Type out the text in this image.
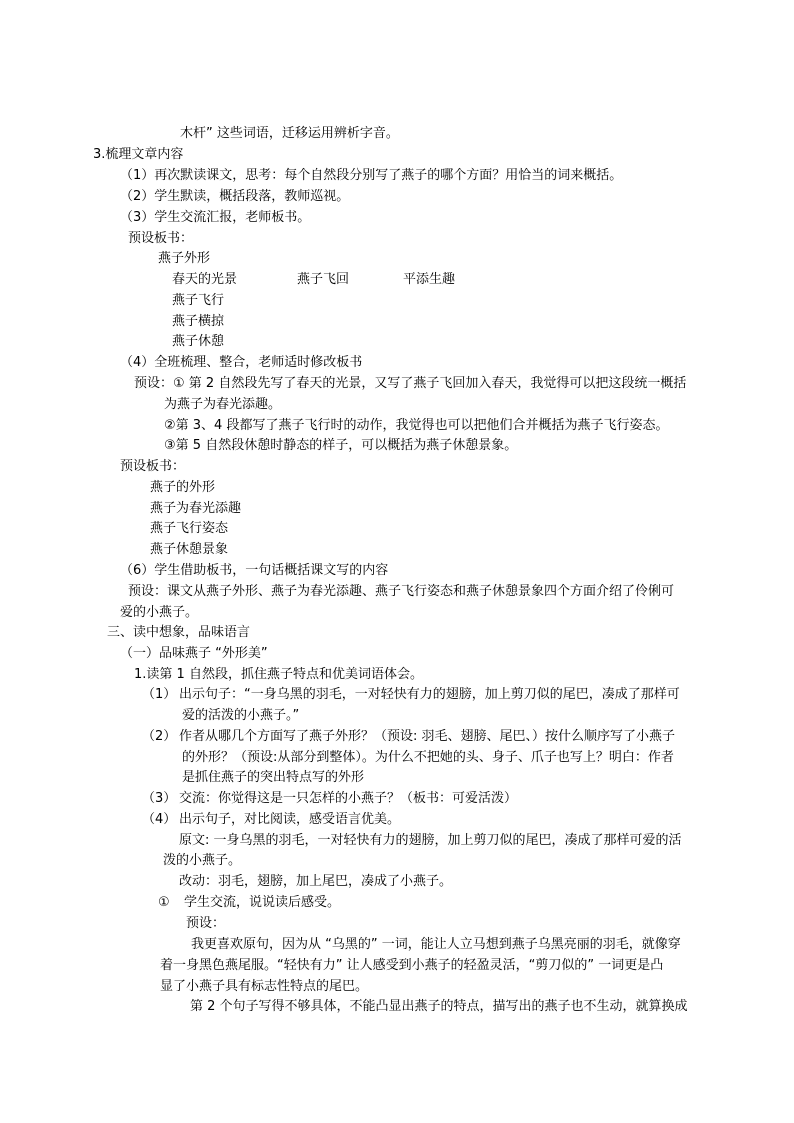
木杆” 这些词语，迁移运用辨析字音。
3.梳理文章内容
（1）再次默读课文，思考：每个自然段分别写了燕子的哪个方面？用恰当的词来概括。
（2）学生默读，概括段落，教师巡视。
（3）学生交流汇报，老师板书。
预设板书：
燕子外形
春天的光景	燕子飞回	平添生趣
燕子飞行
燕子横掠
燕子休憩
（4）全班梳理、整合，老师适时修改板书
预设：① 第 2 自然段先写了春天的光景，又写了燕子飞回加入春天，我觉得可以把这段统一概括
为燕子为春光添趣。
②第 3、4 段都写了燕子飞行时的动作，我觉得也可以把他们合并概括为燕子飞行姿态。
③第 5 自然段休憩时静态的样子，可以概括为燕子休憩景象。
预设板书：
燕子的外形
燕子为春光添趣
燕子飞行姿态
燕子休憩景象
（6）学生借助板书，一句话概括课文写的内容
预设：课文从燕子外形、燕子为春光添趣、燕子飞行姿态和燕子休憩景象四个方面介绍了伶俐可
爱的小燕子。
三、读中想象，品味语言
（一）品味燕子 “外形美”
1.读第 1 自然段，抓住燕子特点和优美词语体会。
（1） 出示句子：“一身乌黑的羽毛，一对轻快有力的翅膀，加上剪刀似的尾巴，凑成了那样可
爱的活泼的小燕子。”
（2） 作者从哪几个方面写了燕子外形？（预设: 羽毛、翅膀、尾巴、）按什么顺序写了小燕子
的外形？（预设:从部分到整体）。为什么不把她的头、身子、爪子也写上？明白：作者
是抓住燕子的突出特点写的外形
（3） 交流：你觉得这是一只怎样的小燕子？（板书：可爱活泼）
（4） 出示句子，对比阅读，感受语言优美。
原文: 一身乌黑的羽毛，一对轻快有力的翅膀，加上剪刀似的尾巴，凑成了那样可爱的活
泼的小燕子。
改动：羽毛，翅膀，加上尾巴，凑成了小燕子。
① 学生交流，说说读后感受。
预设：
我更喜欢原句，因为从 “乌黑的” 一词，能让人立马想到燕子乌黑亮丽的羽毛，就像穿
着一身黑色燕尾服。“轻快有力” 让人感受到小燕子的轻盈灵活，“剪刀似的” 一词更是凸
显了小燕子具有标志性特点的尾巴。
第 2 个句子写得不够具体，不能凸显出燕子的特点，描写出的燕子也不生动，就算换成
